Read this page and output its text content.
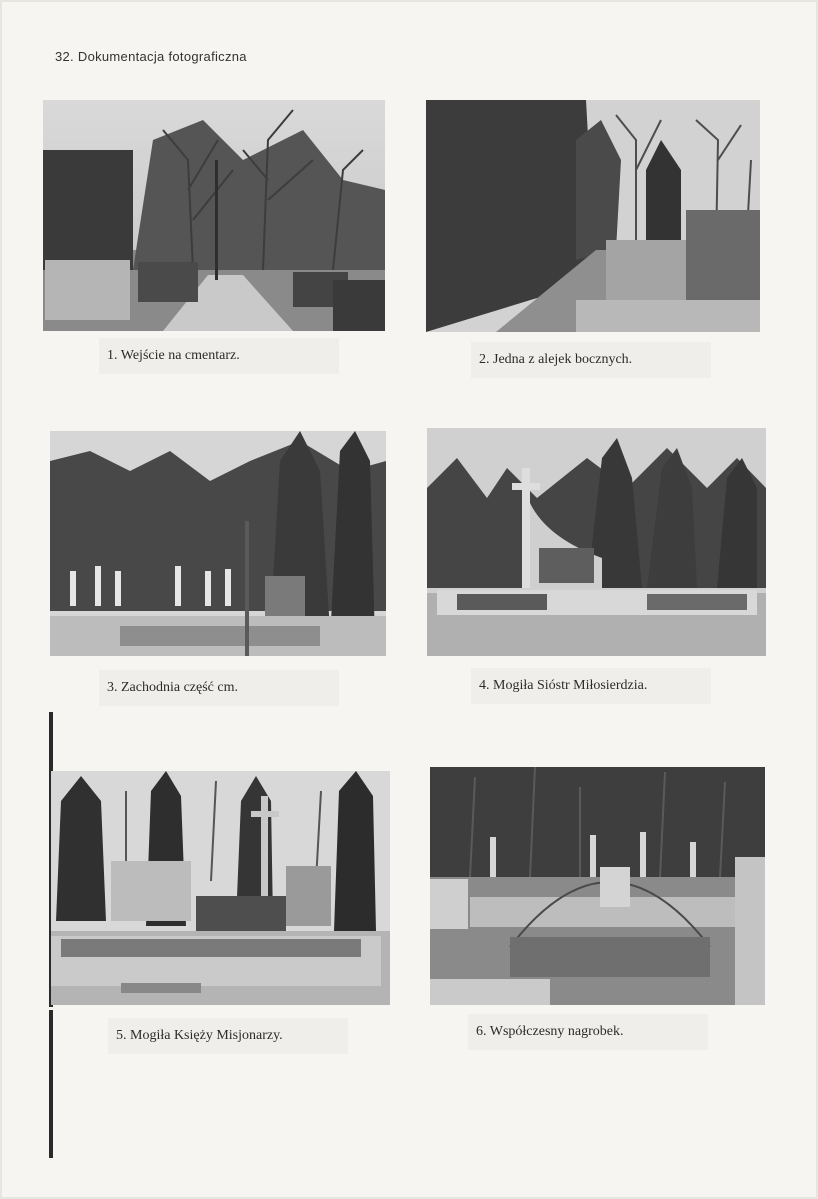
32. Dokumentacja fotograficzna
1. Wejście na cmentarz.	2. Jedna z alejek bocznych.
3. Zachodnia część cm.	4. Mogiła Sióstr Miłosierdzia.
5. Mogiła Księży Misjonarzy.	6. Współczesny nagrobek.
